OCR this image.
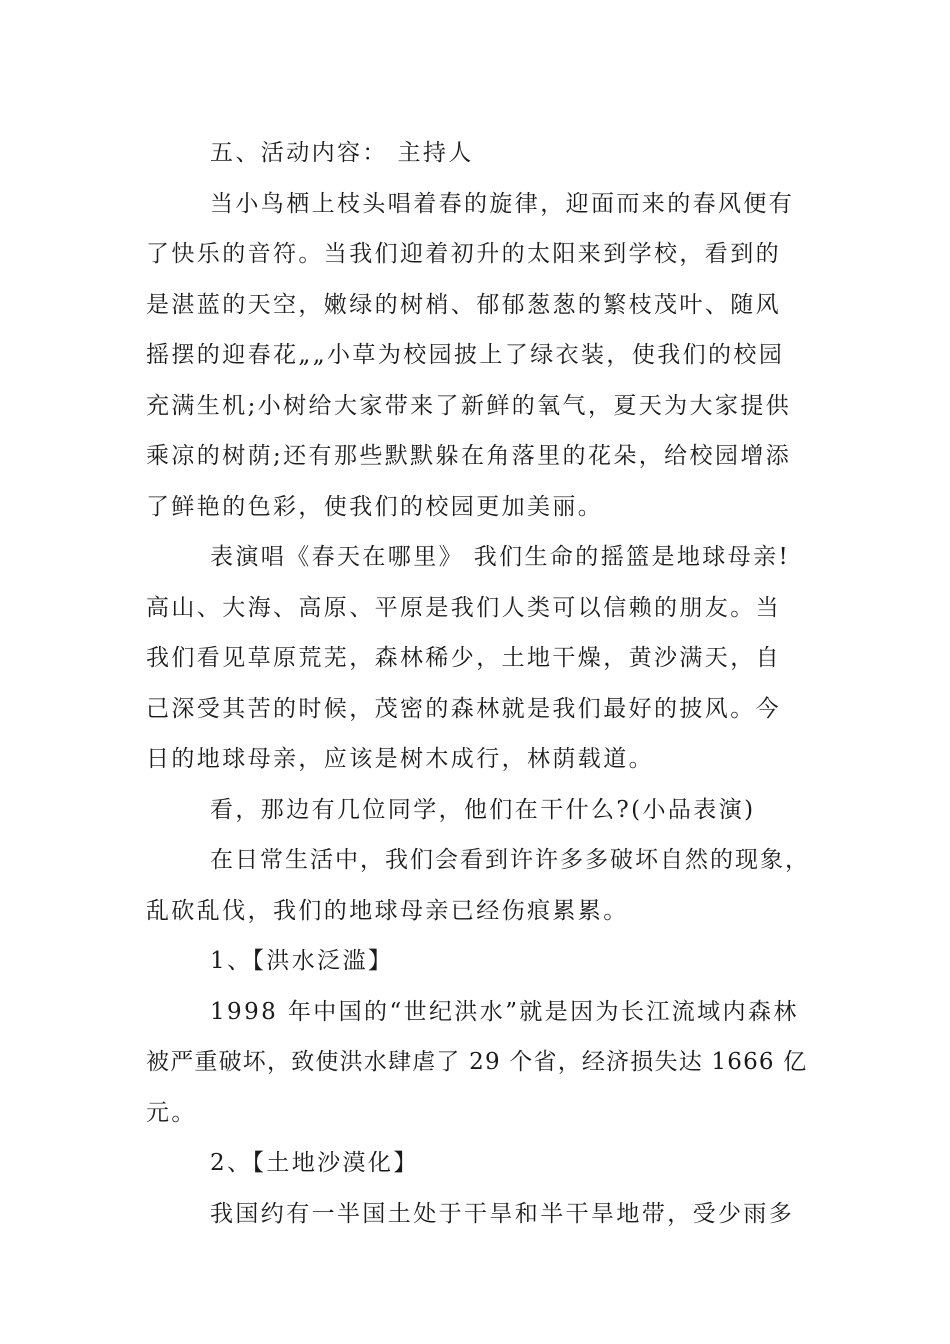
五、活动内容： 主持人
当小鸟栖上枝头唱着春的旋律，迎面而来的春风便有
了快乐的音符。当我们迎着初升的太阳来到学校，看到的
是湛蓝的天空，嫩绿的树梢、郁郁葱葱的繁枝茂叶、随风
摇摆的迎春花„„小草为校园披上了绿衣装，使我们的校园
充满生机;小树给大家带来了新鲜的氧气，夏天为大家提供
乘凉的树荫;还有那些默默躲在角落里的花朵，给校园增添
了鲜艳的色彩，使我们的校园更加美丽。
表演唱《春天在哪里》 我们生命的摇篮是地球母亲!
高山、大海、高原、平原是我们人类可以信赖的朋友。当
我们看见草原荒芜，森林稀少，土地干燥，黄沙满天，自
己深受其苦的时候，茂密的森林就是我们最好的披风。今
日的地球母亲，应该是树木成行，林荫载道。
看，那边有几位同学，他们在干什么?(小品表演)
在日常生活中，我们会看到许许多多破坏自然的现象，
乱砍乱伐，我们的地球母亲已经伤痕累累。
1、【洪水泛滥】
1998 年中国的“世纪洪水”就是因为长江流域内森林
被严重破坏，致使洪水肆虐了 29 个省，经济损失达 1666 亿
元。
2、【土地沙漠化】
我国约有一半国土处于干旱和半干旱地带，受少雨多
